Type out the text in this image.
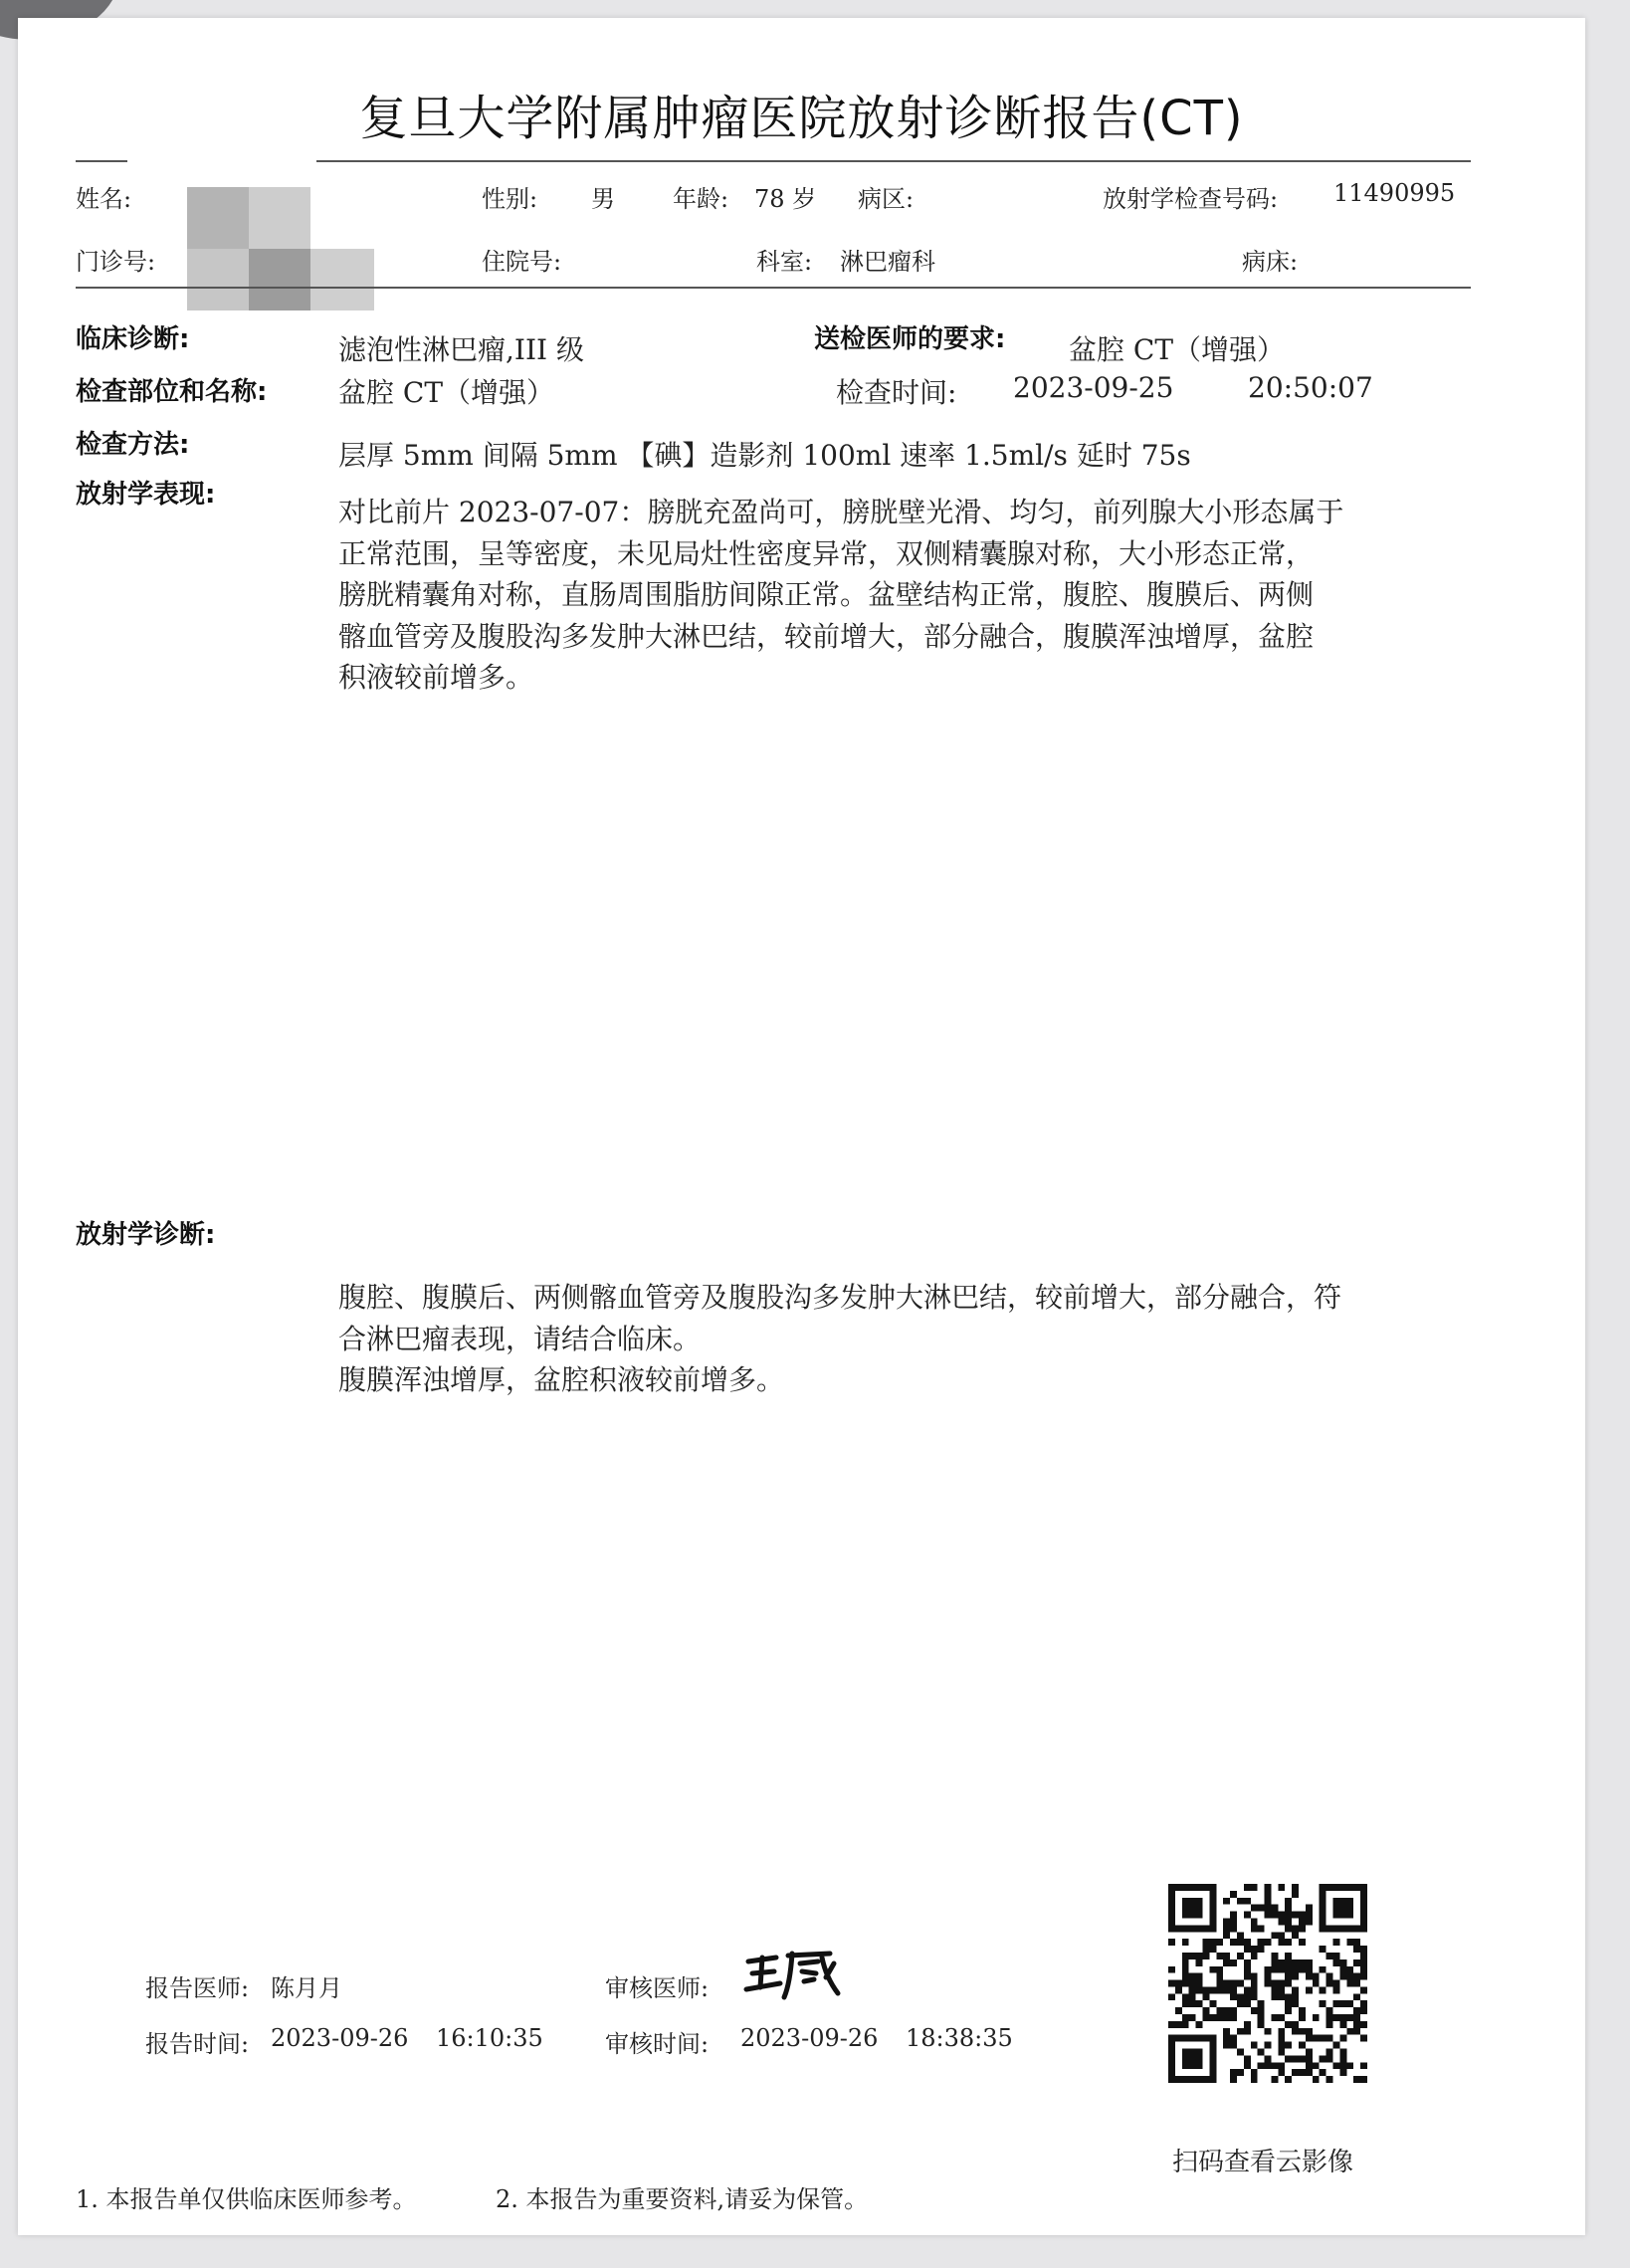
复旦大学附属肿瘤医院放射诊断报告(CT)
姓名:	性别: 男 年龄: 78 岁 病区:	放射学检查号码: 11490995
门诊号:	住院号:	科室: 淋巴瘤科	病床:
临床诊断:	滤泡性淋巴瘤,III 级	送检医师的要求: 盆腔 CT（增强）
检查部位和名称:	盆腔 CT（增强）	检查时间: 2023-09-25	20:50:07
检查方法:	层厚 5mm 间隔 5mm 【碘】造影剂 100ml 速率 1.5ml/s 延时 75s
放射学表现:
对比前片 2023-07-07：膀胱充盈尚可，膀胱壁光滑、均匀，前列腺大小形态属于
正常范围，呈等密度，未见局灶性密度异常，双侧精囊腺对称，大小形态正常，
膀胱精囊角对称，直肠周围脂肪间隙正常。盆壁结构正常，腹腔、腹膜后、两侧
髂血管旁及腹股沟多发肿大淋巴结，较前增大，部分融合，腹膜浑浊增厚，盆腔
积液较前增多。
放射学诊断:
腹腔、腹膜后、两侧髂血管旁及腹股沟多发肿大淋巴结，较前增大，部分融合，符
合淋巴瘤表现，请结合临床。
腹膜浑浊增厚，盆腔积液较前增多。
报告医师: 陈月月	审核医师:
报告时间: 2023-09-26 16:10:35	审核时间: 2023-09-26 18:38:35
扫码查看云影像
1. 本报告单仅供临床医师参考。	2. 本报告为重要资料,请妥为保管。
